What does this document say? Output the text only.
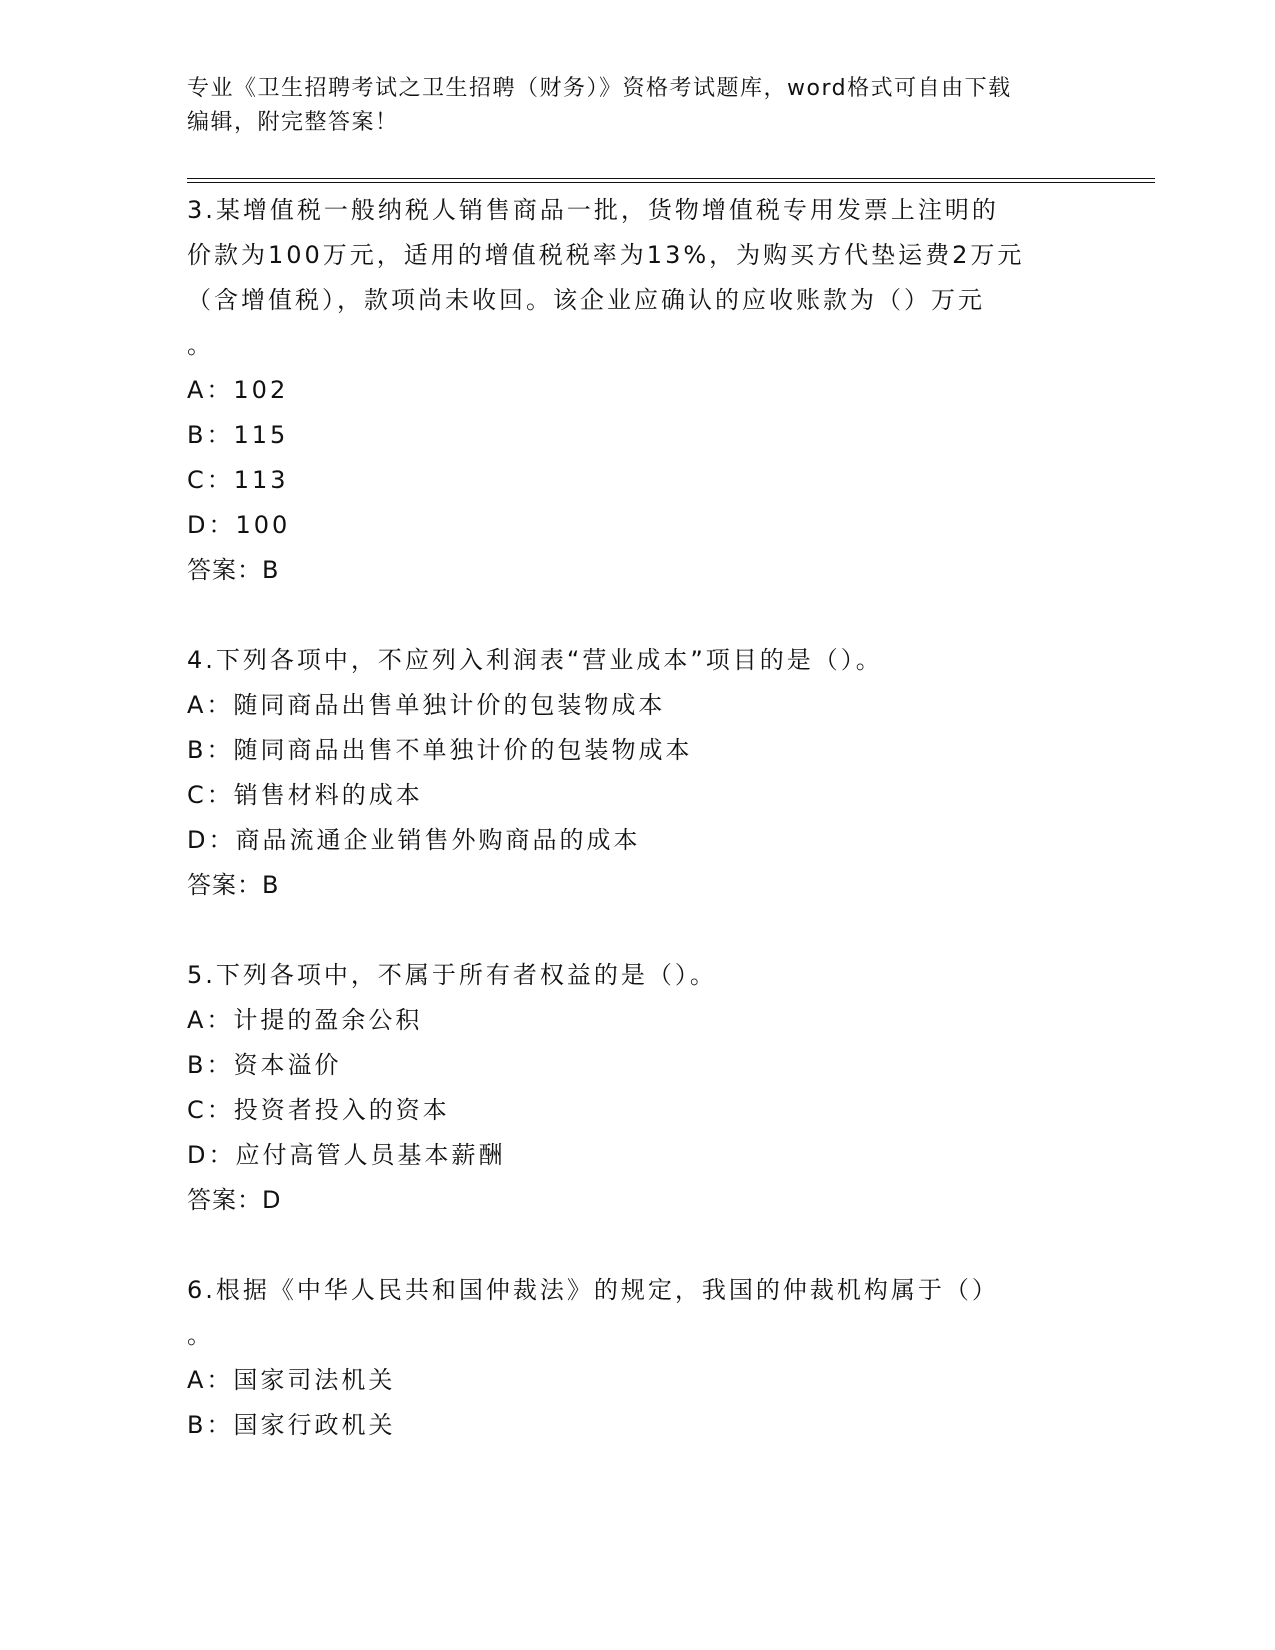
专业《卫生招聘考试之卫生招聘（财务）》资格考试题库，word格式可自由下载
编辑，附完整答案！
3.某增值税一般纳税人销售商品一批，货物增值税专用发票上注明的
价款为100万元，适用的增值税税率为13%，为购买方代垫运费2万元
（含增值税），款项尚未收回。该企业应确认的应收账款为（）万元
。
A：102
B：115
C：113
D：100
答案：B
4.下列各项中，不应列入利润表“营业成本”项目的是（）。
A：随同商品出售单独计价的包装物成本
B：随同商品出售不单独计价的包装物成本
C：销售材料的成本
D：商品流通企业销售外购商品的成本
答案：B
5.下列各项中，不属于所有者权益的是（）。
A：计提的盈余公积
B：资本溢价
C：投资者投入的资本
D：应付高管人员基本薪酬
答案：D
6.根据《中华人民共和国仲裁法》的规定，我国的仲裁机构属于（）
。
A：国家司法机关
B：国家行政机关
